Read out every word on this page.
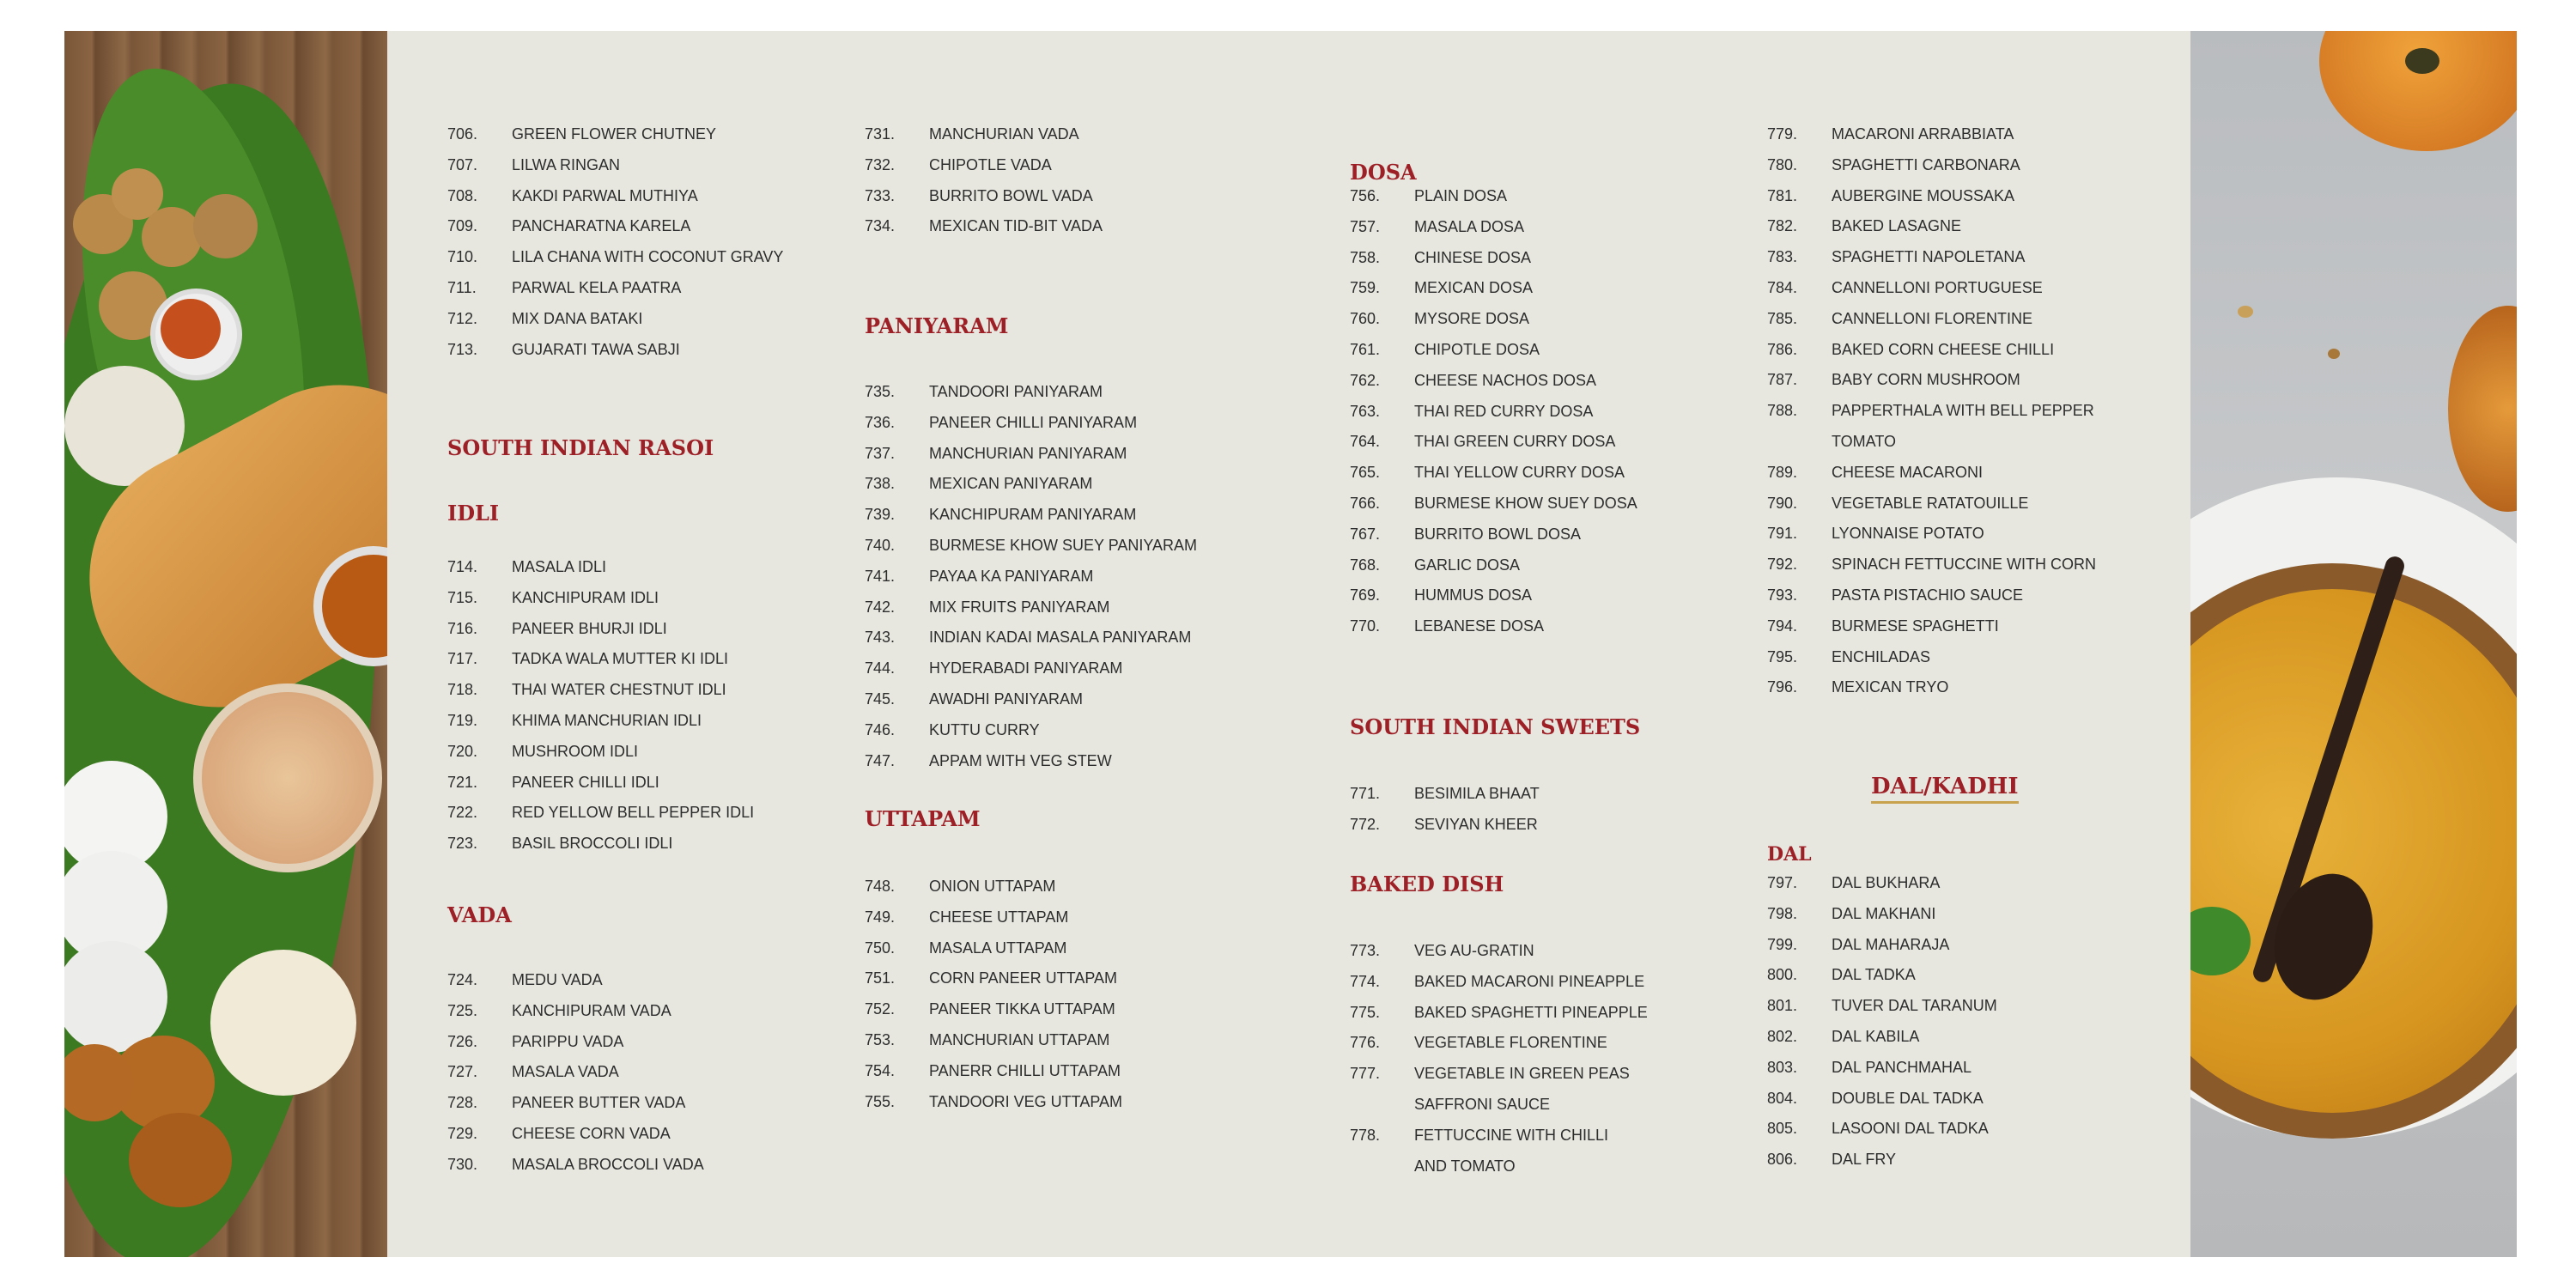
706. GREEN FLOWER CHUTNEY
707. LILWA RINGAN
708. KAKDI PARWAL MUTHIYA
709. PANCHARATNA KARELA
710. LILA CHANA WITH COCONUT GRAVY
711. PARWAL KELA PAATRA
712. MIX DANA BATAKI
713. GUJARATI TAWA SABJI
SOUTH INDIAN RASOI
IDLI
714. MASALA IDLI
715. KANCHIPURAM IDLI
716. PANEER BHURJI IDLI
717. TADKA WALA MUTTER KI IDLI
718. THAI WATER CHESTNUT IDLI
719. KHIMA MANCHURIAN IDLI
720. MUSHROOM IDLI
721. PANEER CHILLI IDLI
722. RED YELLOW BELL PEPPER IDLI
723. BASIL BROCCOLI IDLI
VADA
724. MEDU VADA
725. KANCHIPURAM VADA
726. PARIPPU VADA
727. MASALA VADA
728. PANEER BUTTER VADA
729. CHEESE CORN VADA
730. MASALA BROCCOLI VADA
731. MANCHURIAN VADA
732. CHIPOTLE VADA
733. BURRITO BOWL VADA
734. MEXICAN TID-BIT VADA
PANIYARAM
735. TANDOORI PANIYARAM
736. PANEER CHILLI PANIYARAM
737. MANCHURIAN PANIYARAM
738. MEXICAN PANIYARAM
739. KANCHIPURAM PANIYARAM
740. BURMESE KHOW SUEY PANIYARAM
741. PAYAA KA PANIYARAM
742. MIX FRUITS PANIYARAM
743. INDIAN KADAI MASALA PANIYARAM
744. HYDERABADI PANIYARAM
745. AWADHI PANIYARAM
746. KUTTU CURRY
747. APPAM WITH VEG STEW
UTTAPAM
748. ONION UTTAPAM
749. CHEESE UTTAPAM
750. MASALA UTTAPAM
751. CORN PANEER UTTAPAM
752. PANEER TIKKA UTTAPAM
753. MANCHURIAN UTTAPAM
754. PANERR CHILLI UTTAPAM
755. TANDOORI VEG UTTAPAM
DOSA
756. PLAIN DOSA
757. MASALA DOSA
758. CHINESE DOSA
759. MEXICAN DOSA
760. MYSORE DOSA
761. CHIPOTLE DOSA
762. CHEESE NACHOS DOSA
763. THAI RED CURRY DOSA
764. THAI GREEN CURRY DOSA
765. THAI YELLOW CURRY DOSA
766. BURMESE KHOW SUEY DOSA
767. BURRITO BOWL DOSA
768. GARLIC DOSA
769. HUMMUS DOSA
770. LEBANESE DOSA
SOUTH INDIAN SWEETS
771. BESIMILA BHAAT
772. SEVIYAN KHEER
BAKED DISH
773. VEG AU-GRATIN
774. BAKED MACARONI PINEAPPLE
775. BAKED SPAGHETTI PINEAPPLE
776. VEGETABLE FLORENTINE
777. VEGETABLE IN GREEN PEAS
SAFFRONI SAUCE
778. FETTUCCINE WITH CHILLI
AND TOMATO
779. MACARONI ARRABBIATA
780. SPAGHETTI CARBONARA
781. AUBERGINE MOUSSAKA
782. BAKED LASAGNE
783. SPAGHETTI NAPOLETANA
784. CANNELLONI PORTUGUESE
785. CANNELLONI FLORENTINE
786. BAKED CORN CHEESE CHILLI
787. BABY CORN MUSHROOM
788. PAPPERTHALA WITH BELL PEPPER
TOMATO
789. CHEESE MACARONI
790. VEGETABLE RATATOUILLE
791. LYONNAISE POTATO
792. SPINACH FETTUCCINE WITH CORN
793. PASTA PISTACHIO SAUCE
794. BURMESE SPAGHETTI
795. ENCHILADAS
796. MEXICAN TRYO
DAL/KADHI
DAL
797. DAL BUKHARA
798. DAL MAKHANI
799. DAL MAHARAJA
800. DAL TADKA
801. TUVER DAL TARANUM
802. DAL KABILA
803. DAL PANCHMAHAL
804. DOUBLE DAL TADKA
805. LASOONI DAL TADKA
806. DAL FRY
